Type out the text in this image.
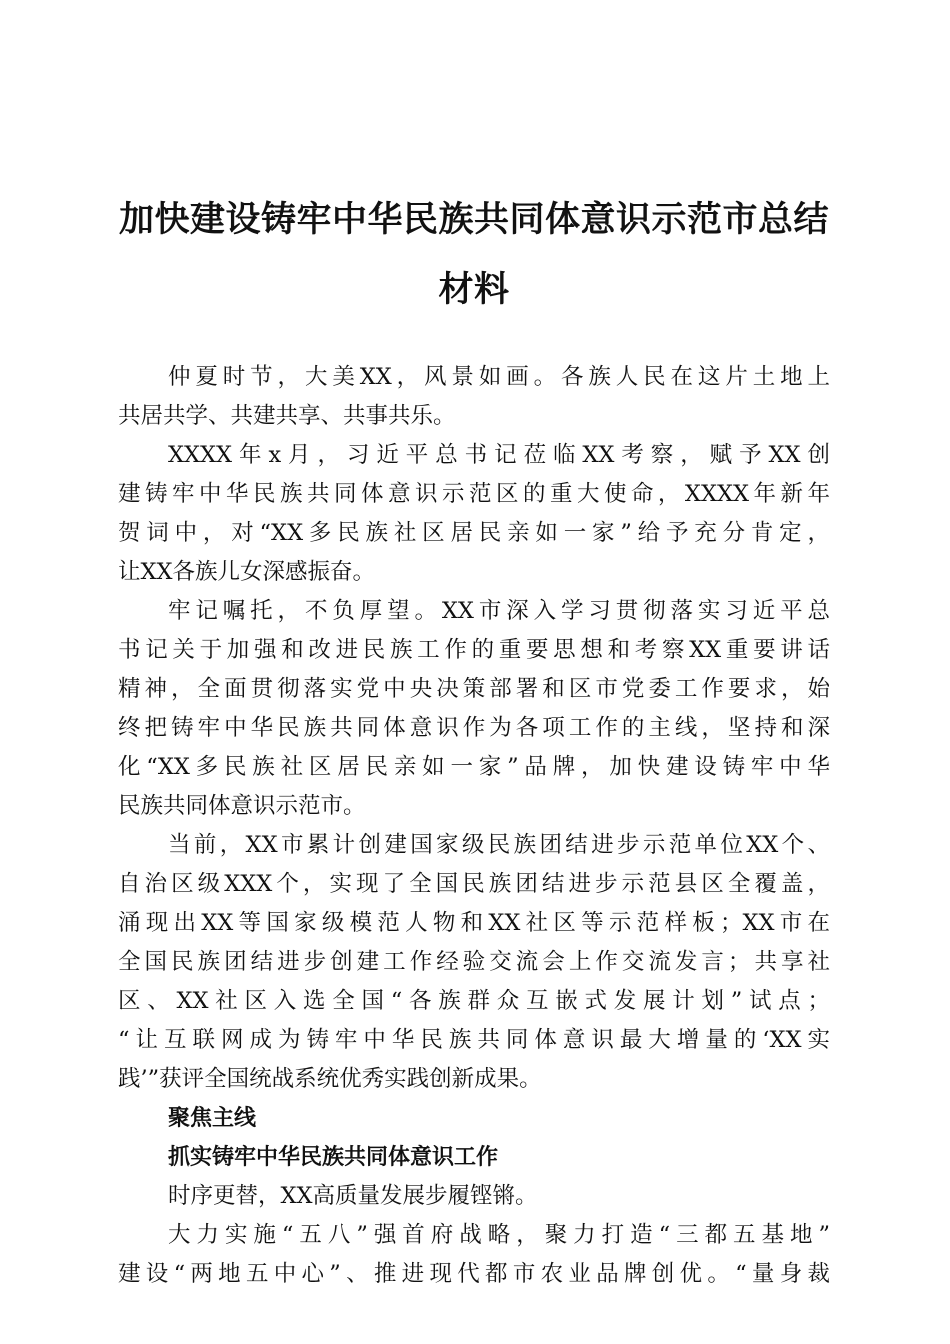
加快建设铸牢中华民族共同体意识示范市总结
材料
仲夏时节，大美XX，风景如画。各族人民在这片土地上
共居共学、共建共享、共事共乐。
XXXX年x月，习近平总书记莅临XX考察，赋予XX创
建铸牢中华民族共同体意识示范区的重大使命，XXXX年新年
贺词中，对“XX多民族社区居民亲如一家”给予充分肯定，
让XX各族儿女深感振奋。
牢记嘱托，不负厚望。XX市深入学习贯彻落实习近平总
书记关于加强和改进民族工作的重要思想和考察XX重要讲话
精神，全面贯彻落实党中央决策部署和区市党委工作要求，始
终把铸牢中华民族共同体意识作为各项工作的主线，坚持和深
化“XX多民族社区居民亲如一家”品牌，加快建设铸牢中华
民族共同体意识示范市。
当前，XX市累计创建国家级民族团结进步示范单位XX个、
自治区级XXX个，实现了全国民族团结进步示范县区全覆盖，
涌现出XX等国家级模范人物和XX社区等示范样板；XX市在
全国民族团结进步创建工作经验交流会上作交流发言；共享社
区、XX社区入选全国“各族群众互嵌式发展计划”试点；
“让互联网成为铸牢中华民族共同体意识最大增量的‘XX实
践’”获评全国统战系统优秀实践创新成果。
聚焦主线
抓实铸牢中华民族共同体意识工作
时序更替，XX高质量发展步履铿锵。
大力实施“五八”强首府战略，聚力打造“三都五基地”
建设“两地五中心”、推进现代都市农业品牌创优。“量身裁
